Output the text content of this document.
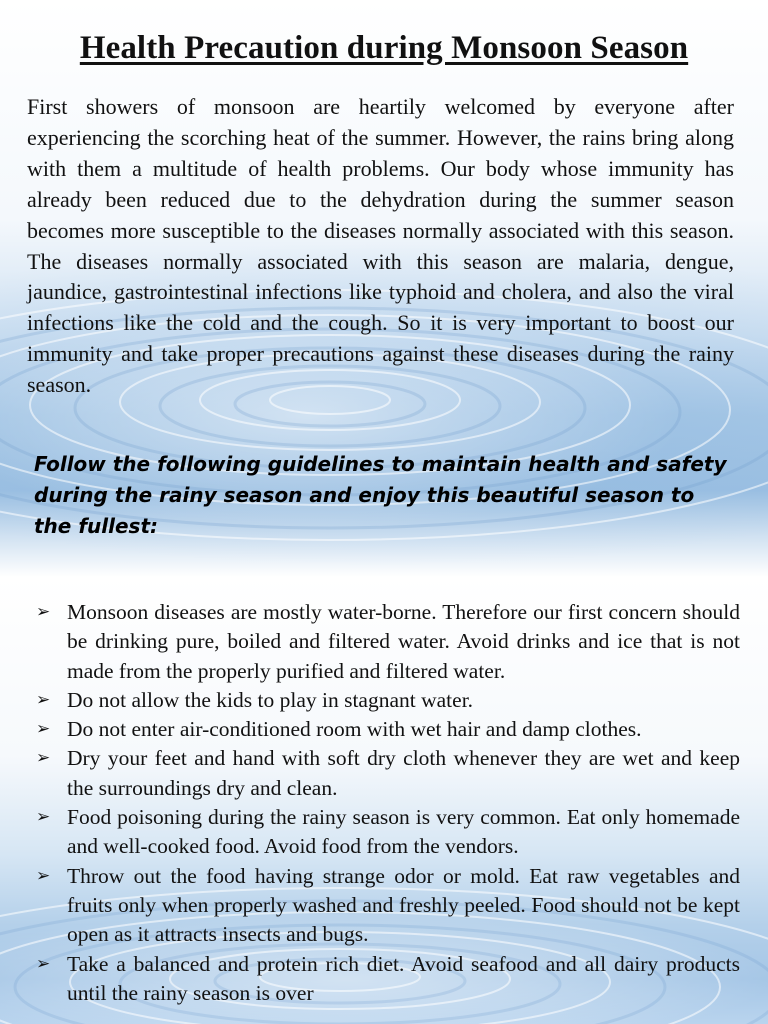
Health Precaution during Monsoon Season

First showers of monsoon are heartily welcomed by everyone after experiencing the scorching heat of the summer. However, the rains bring along with them a multitude of health problems. Our body whose immunity has already been reduced due to the dehydration during the summer season becomes more susceptible to the diseases normally associated with this season. The diseases normally associated with this season are malaria, dengue, jaundice, gastrointestinal infections like typhoid and cholera, and also the viral infections like the cold and the cough. So it is very important to boost our immunity and take proper precautions against these diseases during the rainy season.

Follow the following guidelines to maintain health and safety during the rainy season and enjoy this beautiful season to the fullest:

➢ Monsoon diseases are mostly water-borne. Therefore our first concern should be drinking pure, boiled and filtered water. Avoid drinks and ice that is not made from the properly purified and filtered water.
➢ Do not allow the kids to play in stagnant water.
➢ Do not enter air-conditioned room with wet hair and damp clothes.
➢ Dry your feet and hand with soft dry cloth whenever they are wet and keep the surroundings dry and clean.
➢ Food poisoning during the rainy season is very common. Eat only homemade and well-cooked food. Avoid food from the vendors.
➢ Throw out the food having strange odor or mold. Eat raw vegetables and fruits only when properly washed and freshly peeled. Food should not be kept open as it attracts insects and bugs.
➢ Take a balanced and protein rich diet. Avoid seafood and all dairy products until the rainy season is over
